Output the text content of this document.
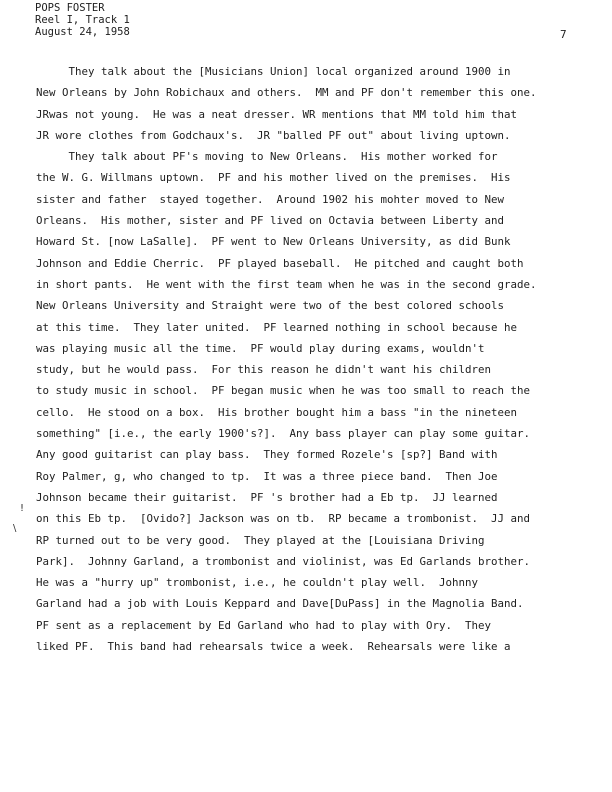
POPS FOSTER
Reel I, Track 1
August 24, 1958	7
!
\
They talk about the [Musicians Union] local organized around 1900 in
New Orleans by John Robichaux and others.  MM and PF don't remember this one.
JRwas not young.  He was a neat dresser. WR mentions that MM told him that
JR wore clothes from Godchaux's.  JR "balled PF out" about living uptown.
They talk about PF's moving to New Orleans.  His mother worked for
the W. G. Willmans uptown.  PF and his mother lived on the premises.  His
sister and father  stayed together.  Around 1902 his mohter moved to New
Orleans.  His mother, sister and PF lived on Octavia between Liberty and
Howard St. [now LaSalle].  PF went to New Orleans University, as did Bunk
Johnson and Eddie Cherric.  PF played baseball.  He pitched and caught both
in short pants.  He went with the first team when he was in the second grade.
New Orleans University and Straight were two of the best colored schools
at this time.  They later united.  PF learned nothing in school because he
was playing music all the time.  PF would play during exams, wouldn't
study, but he would pass.  For this reason he didn't want his children
to study music in school.  PF began music when he was too small to reach the
cello.  He stood on a box.  His brother bought him a bass "in the nineteen
something" [i.e., the early 1900's?].  Any bass player can play some guitar.
Any good guitarist can play bass.  They formed Rozele's [sp?] Band with
Roy Palmer, g, who changed to tp.  It was a three piece band.  Then Joe
Johnson became their guitarist.  PF 's brother had a Eb tp.  JJ learned
on this Eb tp.  [Ovido?] Jackson was on tb.  RP became a trombonist.  JJ and
RP turned out to be very good.  They played at the [Louisiana Driving
Park].  Johnny Garland, a trombonist and violinist, was Ed Garlands brother.
He was a "hurry up" trombonist, i.e., he couldn't play well.  Johnny
Garland had a job with Louis Keppard and Dave[DuPass] in the Magnolia Band.
PF sent as a replacement by Ed Garland who had to play with Ory.  They
liked PF.  This band had rehearsals twice a week.  Rehearsals were like a
